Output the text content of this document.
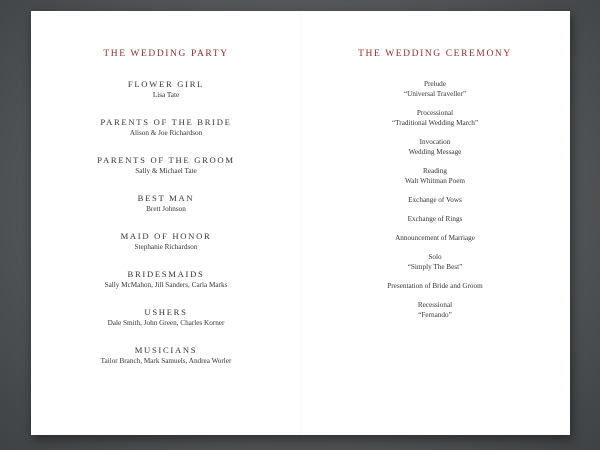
THE WEDDING PARTY
FLOWER GIRL
Lisa Tate
PARENTS OF THE BRIDE
Alison & Joe Richardson
PARENTS OF THE GROOM
Sally & Michael Tate
BEST MAN
Brett Johnson
MAID OF HONOR
Stephanie Richardson
BRIDESMAIDS
Sally McMahon, Jill Sanders, Carla Marks
USHERS
Dale Smith, John Green, Charles Korner
MUSICIANS
Tailor Branch, Mark Samuels, Andrea Worler
THE WEDDING CEREMONY
Prelude
“Universal Traveller”
Processional
“Traditional Wedding March”
Invocation
Wedding Message
Reading
Walt Whitman Poem
Exchange of Vows
Exchange of Rings
Announcement of Marriage
Solo
“Simply The Best”
Presentation of Bride and Groom
Recessional
“Fernando”
